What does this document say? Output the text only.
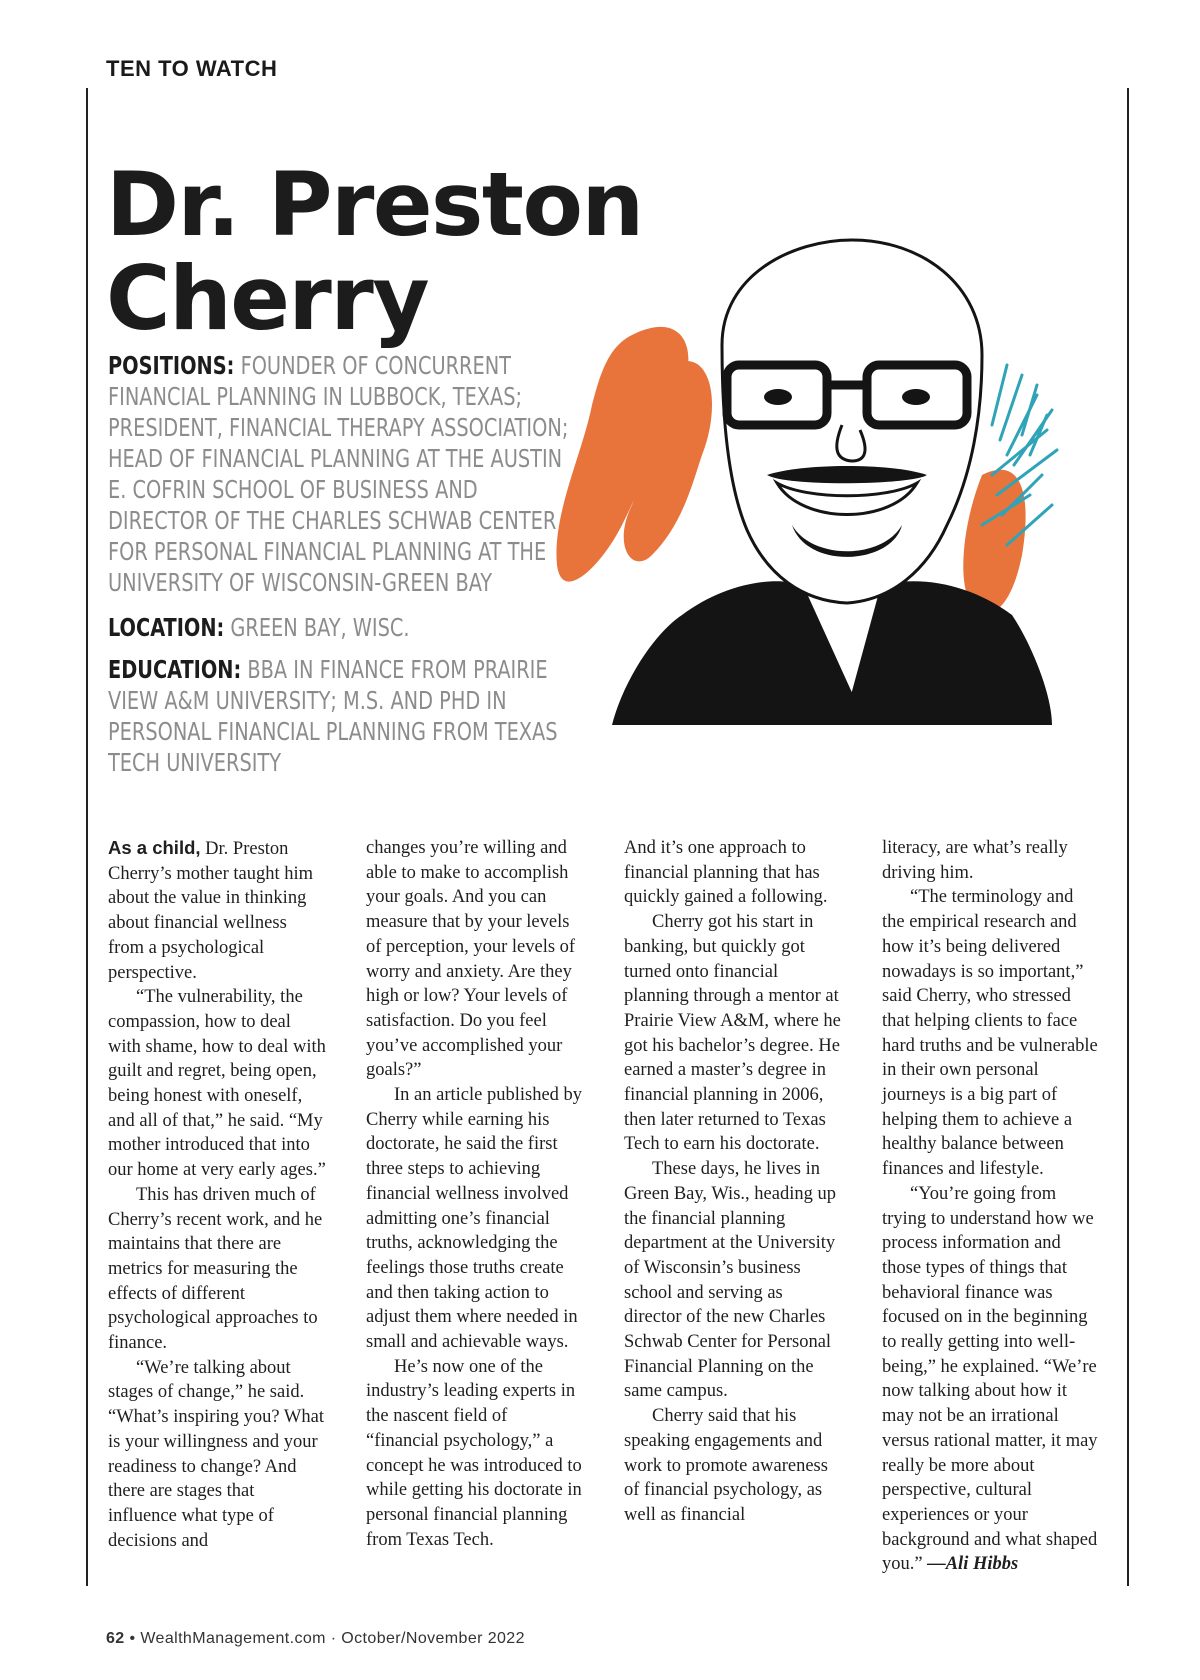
TEN TO WATCH
Dr. Preston
Cherry
POSITIONS: FOUNDER OF CONCURRENT FINANCIAL PLANNING IN LUBBOCK, TEXAS; PRESIDENT, FINANCIAL THERAPY ASSOCIATION; HEAD OF FINANCIAL PLANNING AT THE AUSTIN E. COFRIN SCHOOL OF BUSINESS AND DIRECTOR OF THE CHARLES SCHWAB CENTER FOR PERSONAL FINANCIAL PLANNING AT THE UNIVERSITY OF WISCONSIN-GREEN BAY
LOCATION: GREEN BAY, WISC.
EDUCATION: BBA IN FINANCE FROM PRAIRIE VIEW A&M UNIVERSITY; M.S. AND PHD IN PERSONAL FINANCIAL PLANNING FROM TEXAS TECH UNIVERSITY

As a child, Dr. Preston Cherry’s mother taught him about the value in thinking about financial wellness from a psychological perspective.

“The vulnerability, the compassion, how to deal with shame, how to deal with guilt and regret, being open, being honest with oneself, and all of that,” he said. “My mother introduced that into our home at very early ages.”

This has driven much of Cherry’s recent work, and he maintains that there are metrics for measuring the effects of different psychological approaches to finance.

“We’re talking about stages of change,” he said. “What’s inspiring you? What is your willingness and your readiness to change? And there are stages that influence what type of decisions and

changes you’re willing and able to make to accomplish your goals. And you can measure that by your levels of perception, your levels of worry and anxiety. Are they high or low? Your levels of satisfaction. Do you feel you’ve accomplished your goals?”

In an article published by Cherry while earning his doctorate, he said the first three steps to achieving financial wellness involved admitting one’s financial truths, acknowledging the feelings those truths create and then taking action to adjust them where needed in small and achievable ways.

He’s now one of the industry’s leading experts in the nascent field of “financial psychology,” a concept he was introduced to while getting his doctorate in personal financial planning from Texas Tech.

And it’s one approach to financial planning that has quickly gained a following.

Cherry got his start in banking, but quickly got turned onto financial planning through a mentor at Prairie View A&M, where he got his bachelor’s degree. He earned a master’s degree in financial planning in 2006, then later returned to Texas Tech to earn his doctorate.

These days, he lives in Green Bay, Wis., heading up the financial planning department at the University of Wisconsin’s business school and serving as director of the new Charles Schwab Center for Personal Financial Planning on the same campus.

Cherry said that his speaking engagements and work to promote awareness of financial psychology, as well as financial

literacy, are what’s really driving him.

“The terminology and the empirical research and how it’s being delivered nowadays is so important,” said Cherry, who stressed that helping clients to face hard truths and be vulnerable in their own personal journeys is a big part of helping them to achieve a healthy balance between finances and lifestyle.

“You’re going from trying to understand how we process information and those types of things that behavioral finance was focused on in the beginning to really getting into well-being,” he explained. “We’re now talking about how it may not be an irrational versus rational matter, it may really be more about perspective, cultural experiences or your background and what shaped you.” —Ali Hibbs

62 • WealthManagement.com · October/November 2022
